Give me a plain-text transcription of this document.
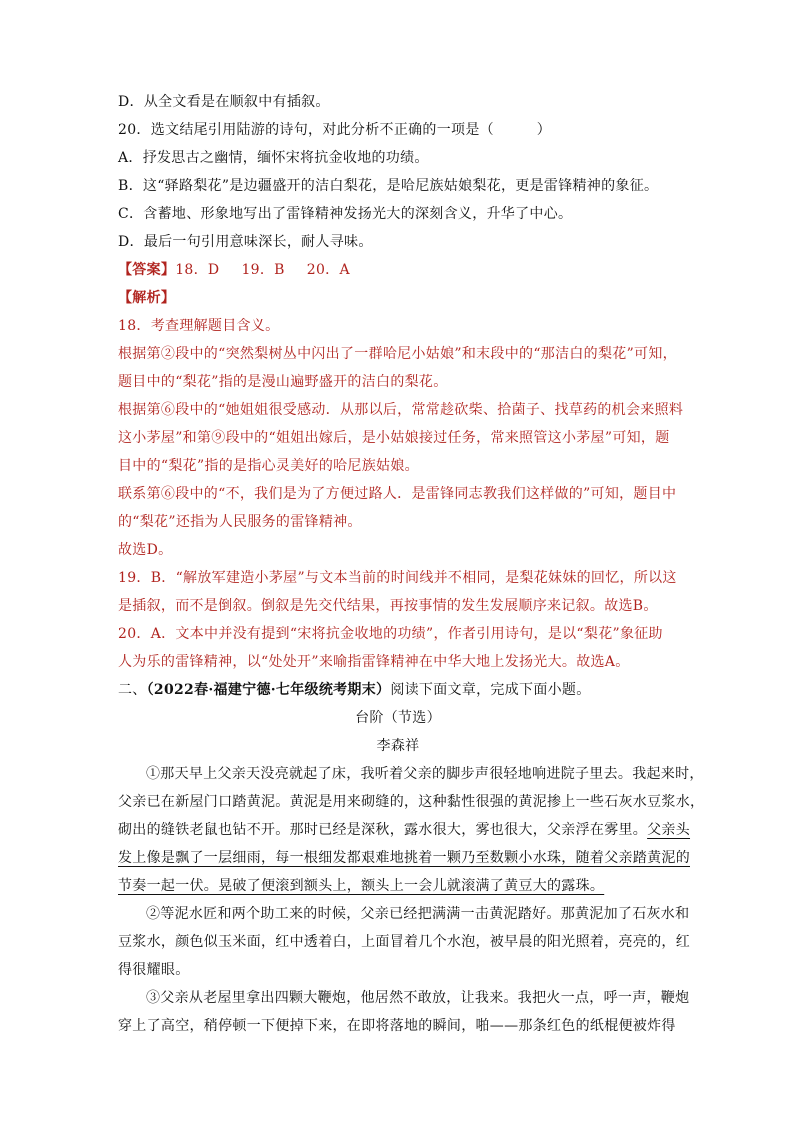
D．从全文看是在顺叙中有插叙。
20．选文结尾引用陆游的诗句，对此分析不正确的一项是（　　　）
A．抒发思古之幽情，缅怀宋将抗金收地的功绩。
B．这“驿路梨花”是边疆盛开的洁白梨花，是哈尼族姑娘梨花，更是雷锋精神的象征。
C．含蓄地、形象地写出了雷锋精神发扬光大的深刻含义，升华了中心。
D．最后一句引用意味深长，耐人寻味。
【答案】18．D 19．B 20．A
【解析】
18．考查理解题目含义。
根据第②段中的“突然梨树丛中闪出了一群哈尼小姑娘”和末段中的“那洁白的梨花”可知，
题目中的“梨花”指的是漫山遍野盛开的洁白的梨花。
根据第⑥段中的“她姐姐很受感动．从那以后，常常趁砍柴、拾菌子、找草药的机会来照料
这小茅屋”和第⑨段中的“姐姐出嫁后，是小姑娘接过任务，常来照管这小茅屋”可知，题
目中的“梨花”指的是指心灵美好的哈尼族姑娘。
联系第⑥段中的“不，我们是为了方便过路人．是雷锋同志教我们这样做的”可知，题目中
的“梨花”还指为人民服务的雷锋精神。
故选D。
19．B．“解放军建造小茅屋”与文本当前的时间线并不相同，是梨花妹妹的回忆，所以这
是插叙，而不是倒叙。倒叙是先交代结果，再按事情的发生发展顺序来记叙。故选B。
20．A．文本中并没有提到“宋将抗金收地的功绩”，作者引用诗句，是以“梨花”象征助
人为乐的雷锋精神，以“处处开”来喻指雷锋精神在中华大地上发扬光大。故选A。
二、（2022春·福建宁德·七年级统考期末）阅读下面文章，完成下面小题。
台阶（节选）
李森祥
①那天早上父亲天没亮就起了床，我听着父亲的脚步声很轻地响进院子里去。我起来时，
父亲已在新屋门口踏黄泥。黄泥是用来砌缝的，这种黏性很强的黄泥掺上一些石灰水豆浆水，
砌出的缝铁老鼠也钻不开。那时已经是深秋，露水很大，雾也很大，父亲浮在雾里。父亲头
发上像是飘了一层细雨，每一根细发都艰难地挑着一颗乃至数颗小水珠，随着父亲踏黄泥的
节奏一起一伏。晃破了便滚到额头上，额头上一会儿就滚满了黄豆大的露珠。
②等泥水匠和两个助工来的时候，父亲已经把满满一击黄泥踏好。那黄泥加了石灰水和
豆浆水，颜色似玉米面，红中透着白，上面冒着几个水泡，被早晨的阳光照着，亮亮的，红
得很耀眼。
③父亲从老屋里拿出四颗大鞭炮，他居然不敢放，让我来。我把火一点，呼一声，鞭炮
穿上了高空，稍停顿一下便掉下来，在即将落地的瞬间，啪——那条红色的纸棍便被炸得
